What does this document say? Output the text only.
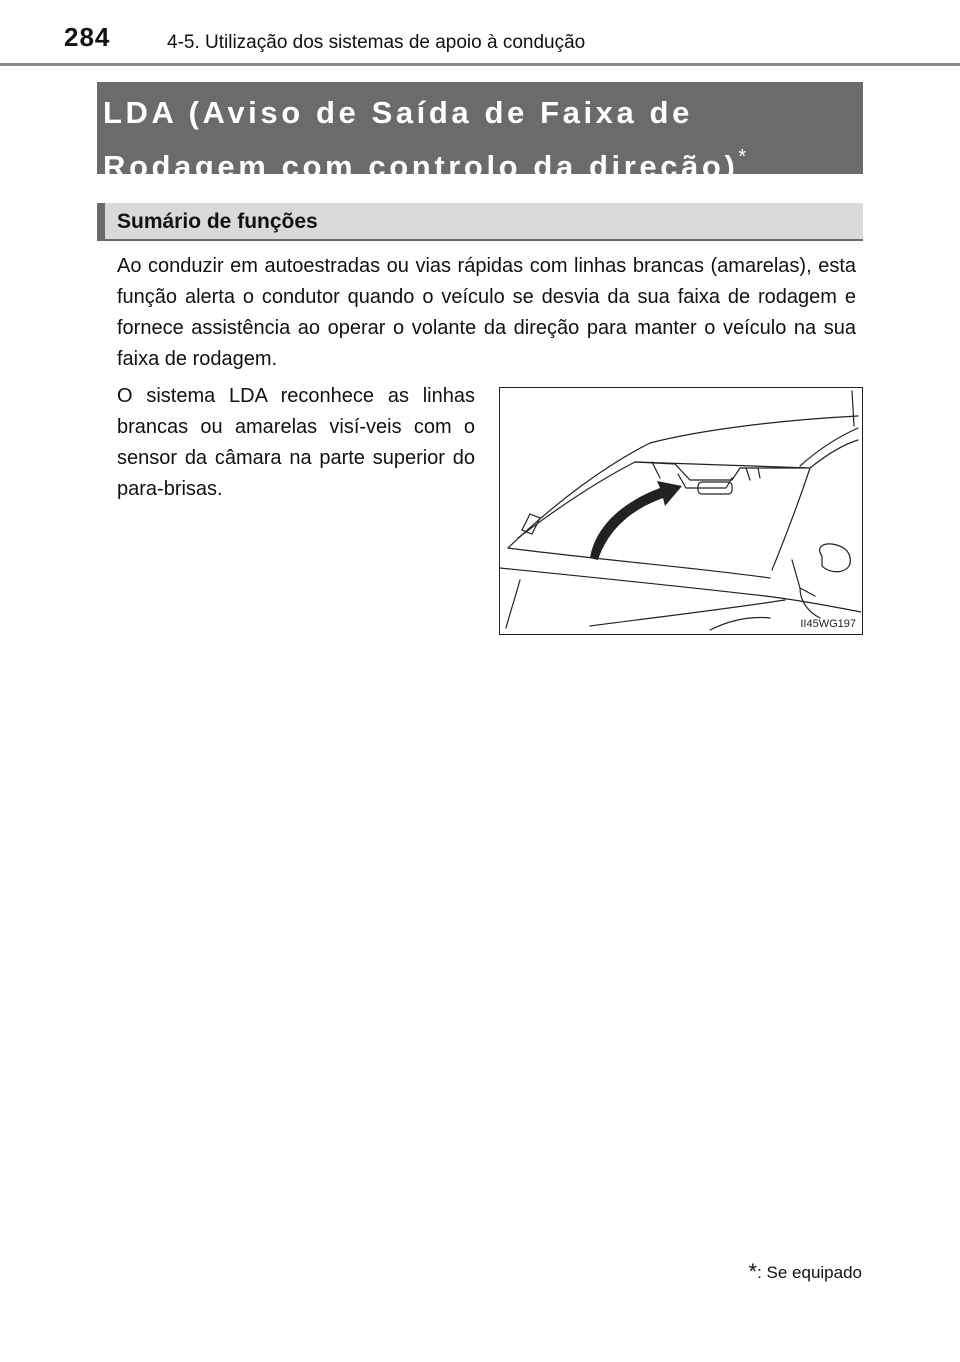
284	4-5. Utilização dos sistemas de apoio à condução
LDA (Aviso de Saída de Faixa de Rodagem com controlo da direção)*
Sumário de funções

Ao conduzir em autoestradas ou vias rápidas com linhas brancas (amarelas), esta função alerta o condutor quando o veículo se desvia da sua faixa de rodagem e fornece assistência ao operar o volante da direção para manter o veículo na sua faixa de rodagem.

O sistema LDA reconhece as linhas brancas ou amarelas visí-veis com o sensor da câmara na parte superior do para-brisas.

II45WG197
*: Se equipado
